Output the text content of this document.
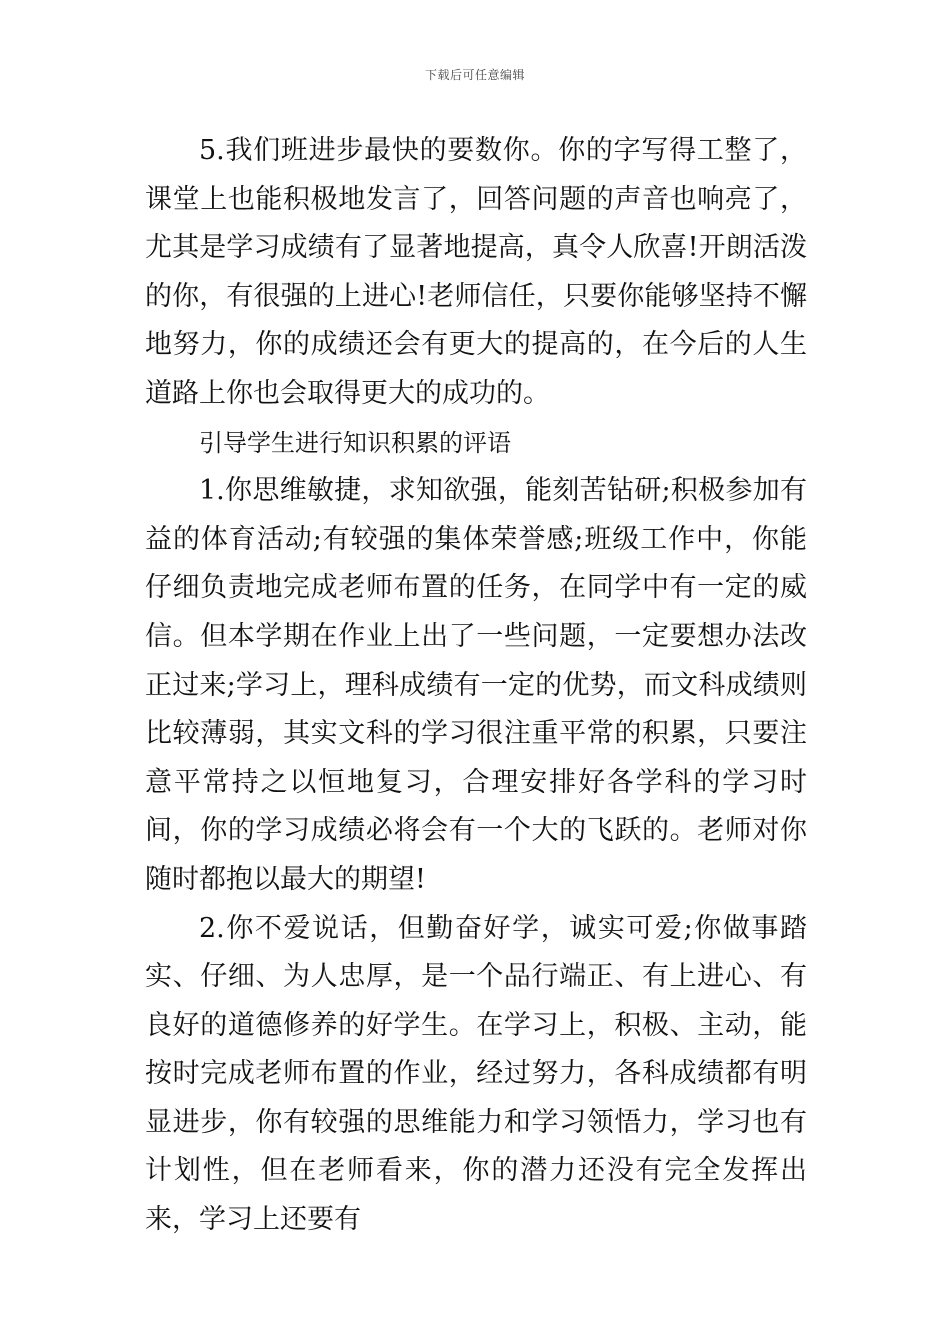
下载后可任意编辑

5.我们班进步最快的要数你。你的字写得工整了，课堂上也能积极地发言了，回答问题的声音也响亮了，尤其是学习成绩有了显著地提高，真令人欣喜!开朗活泼的你，有很强的上进心!老师信任，只要你能够坚持不懈地努力，你的成绩还会有更大的提高的，在今后的人生道路上你也会取得更大的成功的。

引导学生进行知识积累的评语

1.你思维敏捷，求知欲强，能刻苦钻研;积极参加有益的体育活动;有较强的集体荣誉感;班级工作中，你能仔细负责地完成老师布置的任务，在同学中有一定的威信。但本学期在作业上出了一些问题，一定要想办法改正过来;学习上，理科成绩有一定的优势，而文科成绩则比较薄弱，其实文科的学习很注重平常的积累，只要注意平常持之以恒地复习，合理安排好各学科的学习时间，你的学习成绩必将会有一个大的飞跃的。老师对你随时都抱以最大的期望!

2.你不爱说话，但勤奋好学，诚实可爱;你做事踏实、仔细、为人忠厚，是一个品行端正、有上进心、有良好的道德修养的好学生。在学习上，积极、主动，能按时完成老师布置的作业，经过努力，各科成绩都有明显进步，你有较强的思维能力和学习领悟力，学习也有计划性，但在老师看来，你的潜力还没有完全发挥出来，学习上还要有
